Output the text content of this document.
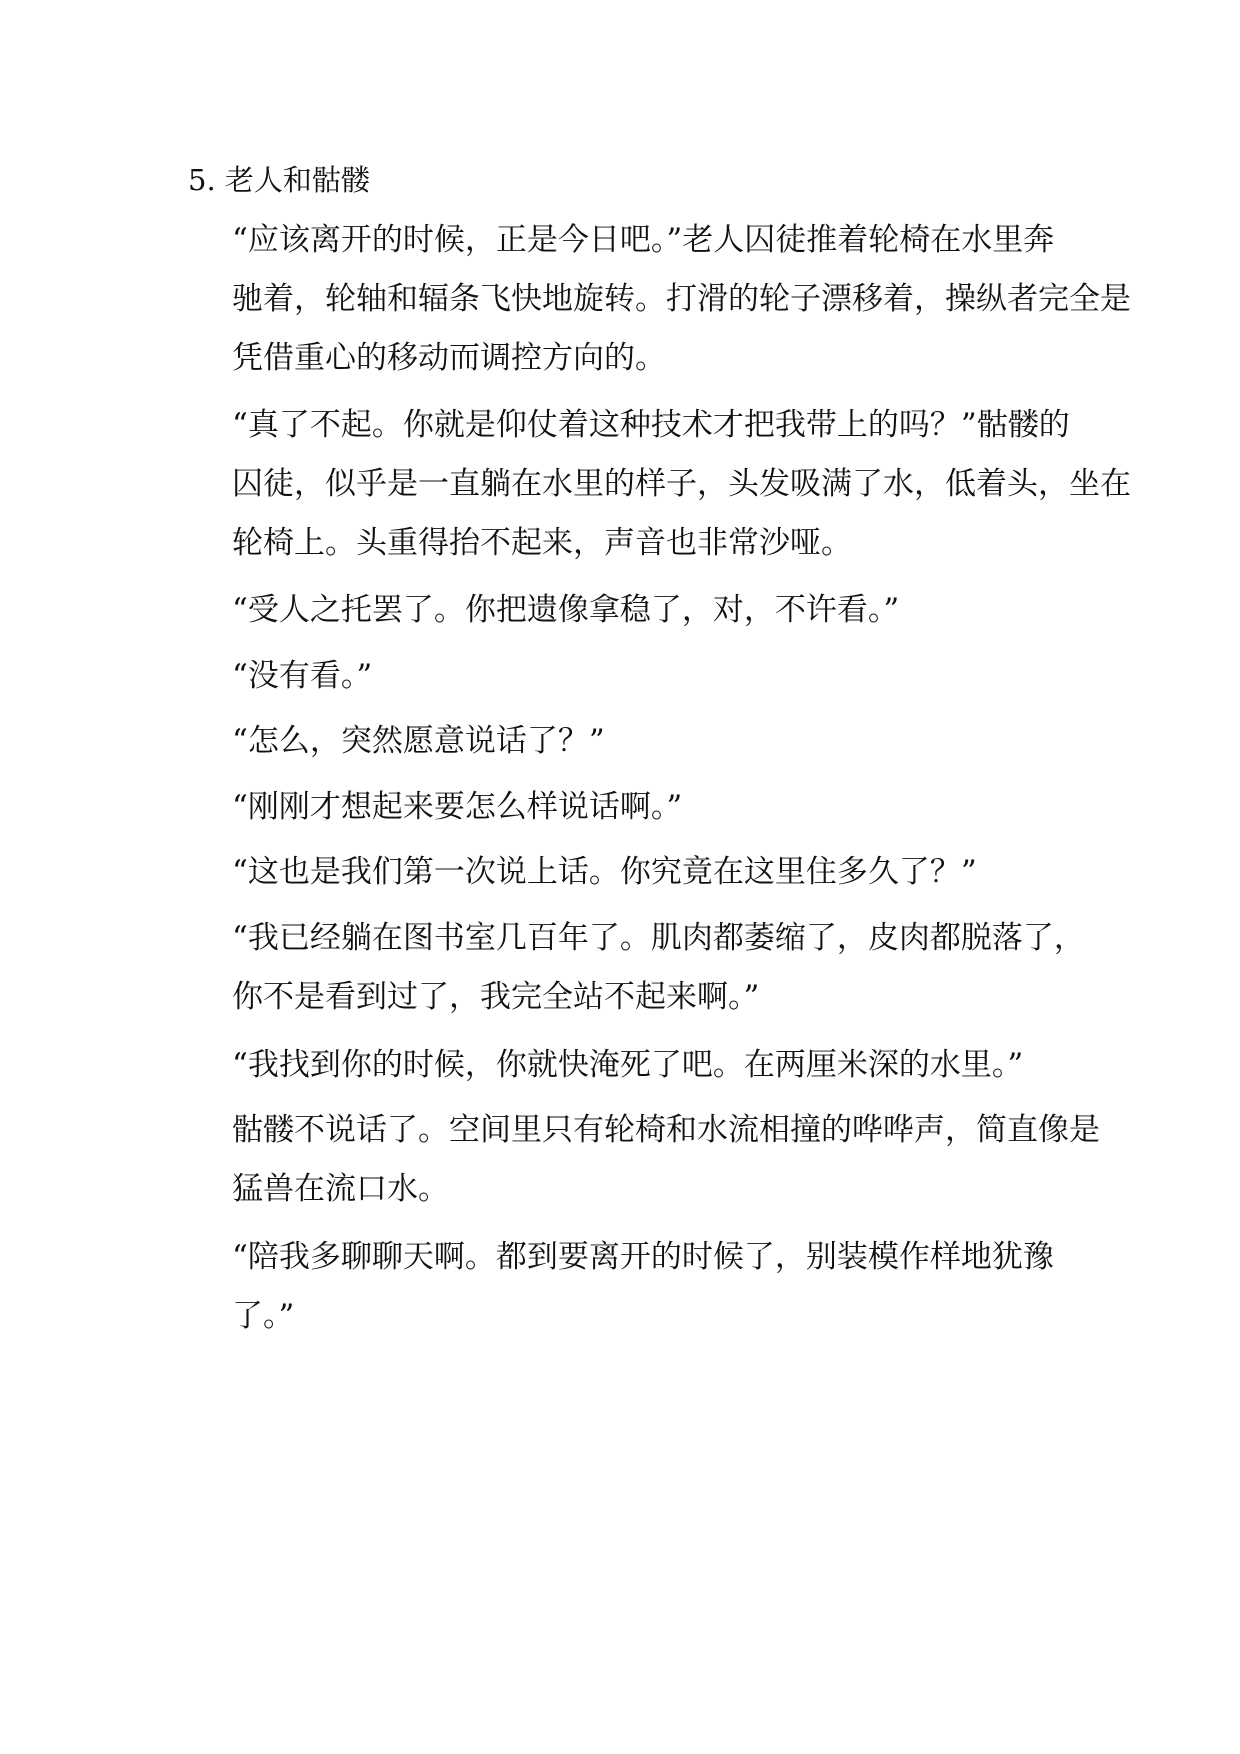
5. 老人和骷髅
“应该离开的时候，正是今日吧。”老人囚徒推着轮椅在水里奔
驰着，轮轴和辐条飞快地旋转。打滑的轮子漂移着，操纵者完全是
凭借重心的移动而调控方向的。
“真了不起。你就是仰仗着这种技术才把我带上的吗？”骷髅的
囚徒，似乎是一直躺在水里的样子，头发吸满了水，低着头，坐在
轮椅上。头重得抬不起来，声音也非常沙哑。
“受人之托罢了。你把遗像拿稳了，对，不许看。”
“没有看。”
“怎么，突然愿意说话了？”
“刚刚才想起来要怎么样说话啊。”
“这也是我们第一次说上话。你究竟在这里住多久了？”
“我已经躺在图书室几百年了。肌肉都萎缩了，皮肉都脱落了，
你不是看到过了，我完全站不起来啊。”
“我找到你的时候，你就快淹死了吧。在两厘米深的水里。”
骷髅不说话了。空间里只有轮椅和水流相撞的哗哗声，简直像是
猛兽在流口水。
“陪我多聊聊天啊。都到要离开的时候了，别装模作样地犹豫
了。”
